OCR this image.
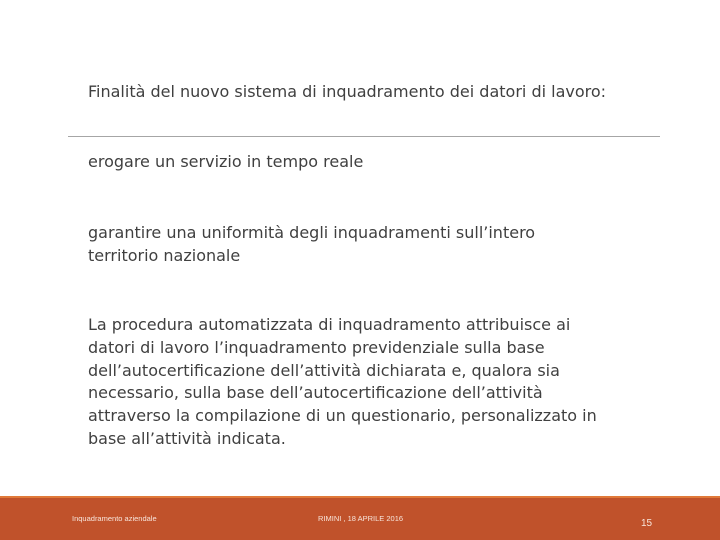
Finalità del nuovo sistema di inquadramento dei datori di lavoro:
erogare un servizio in tempo reale
garantire una uniformità degli inquadramenti sull’intero
territorio nazionale
La procedura automatizzata di inquadramento attribuisce ai
datori di lavoro l’inquadramento previdenziale sulla base
dell’autocertificazione dell’attività dichiarata e, qualora sia
necessario, sulla base dell’autocertificazione dell’attività
attraverso la compilazione di un questionario, personalizzato in
base all’attività indicata.
Inquadramento aziendale	RIMINI , 18 APRILE 2016	15
